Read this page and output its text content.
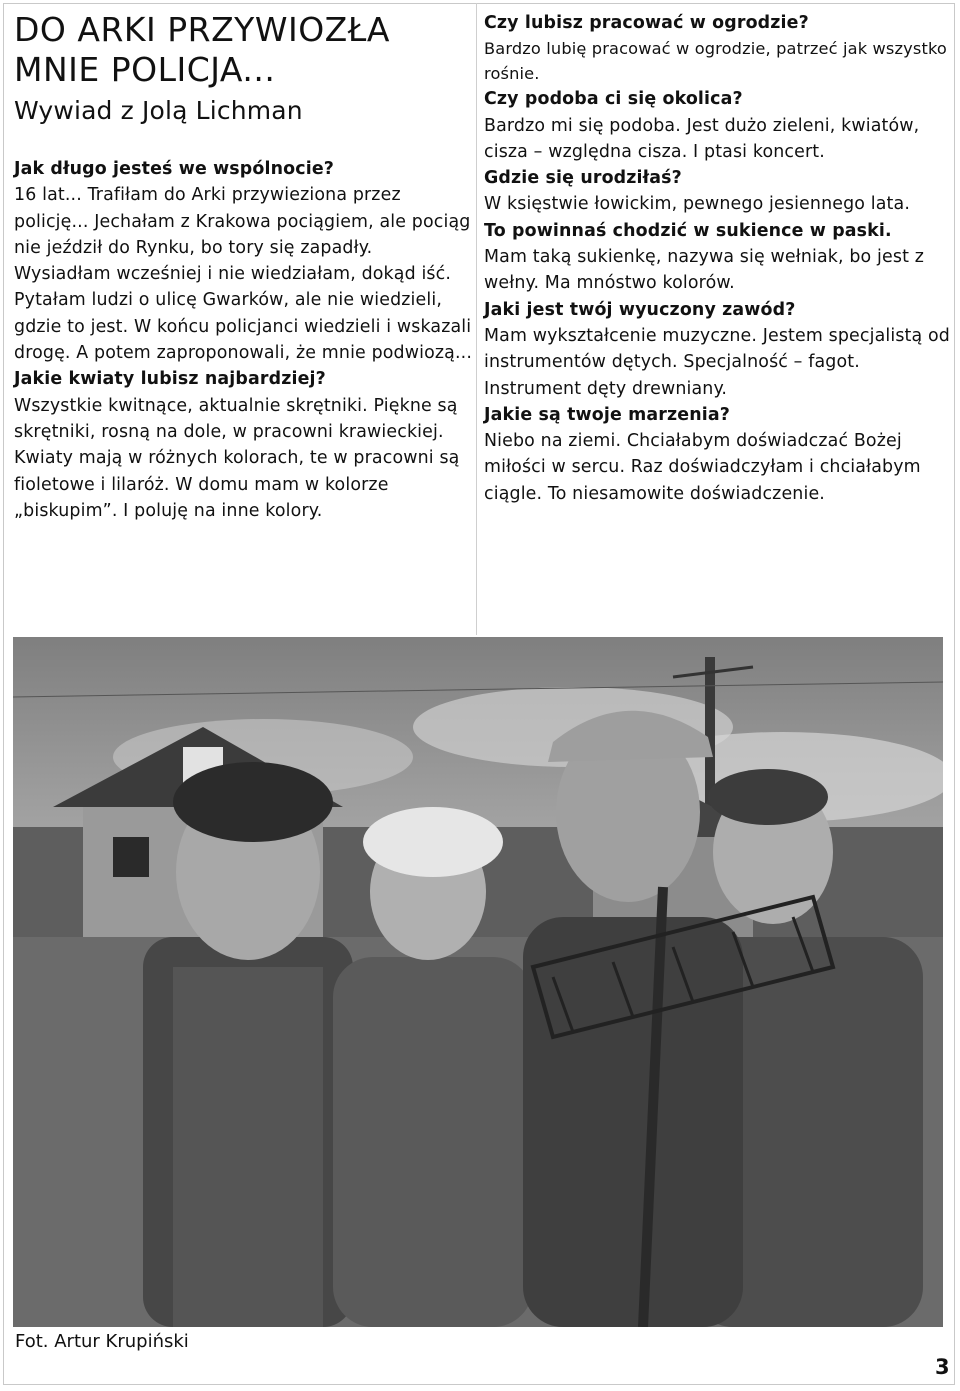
DO ARKI PRZYWIOZŁA
MNIE POLICJA...
Wywiad z Jolą Lichman

Jak długo jesteś we wspólnocie?

16 lat... Trafiłam do Arki przywieziona przez policję... Jechałam z Krakowa pociągiem, ale pociąg nie jeździł do Rynku, bo tory się zapadły. Wysiadłam wcześniej i nie wiedziałam, dokąd iść. Pytałam ludzi o ulicę Gwarków, ale nie wiedzieli, gdzie to jest. W końcu policjanci wiedzieli i wskazali drogę. A potem zaproponowali, że mnie podwiozą...

Jakie kwiaty lubisz najbardziej?

Wszystkie kwitnące, aktualnie skrętniki. Piękne są skrętniki, rosną na dole, w pracowni krawieckiej. Kwiaty mają w różnych kolorach, te w pracowni są fioletowe i lilaróż. W domu mam w kolorze „biskupim”. I poluję na inne kolory.

Czy lubisz pracować w ogrodzie?

Bardzo lubię pracować w ogrodzie, patrzeć jak wszystko rośnie.

Czy podoba ci się okolica?

Bardzo mi się podoba. Jest dużo zieleni, kwiatów, cisza – względna cisza. I ptasi koncert.

Gdzie się urodziłaś?

W księstwie łowickim, pewnego jesiennego lata.

To powinnaś chodzić w sukience w paski.

Mam taką sukienkę, nazywa się wełniak, bo jest z wełny. Ma mnóstwo kolorów.

Jaki jest twój wyuczony zawód?

Mam wykształcenie muzyczne. Jestem specjalistą od instrumentów dętych. Specjalność – fagot. Instrument dęty drewniany.

Jakie są twoje marzenia?

Niebo na ziemi. Chciałabym doświadczać Bożej miłości w sercu. Raz doświadczyłam i chciałabym ciągle. To niesamowite doświadczenie.

Fot. Artur Krupiński
3
